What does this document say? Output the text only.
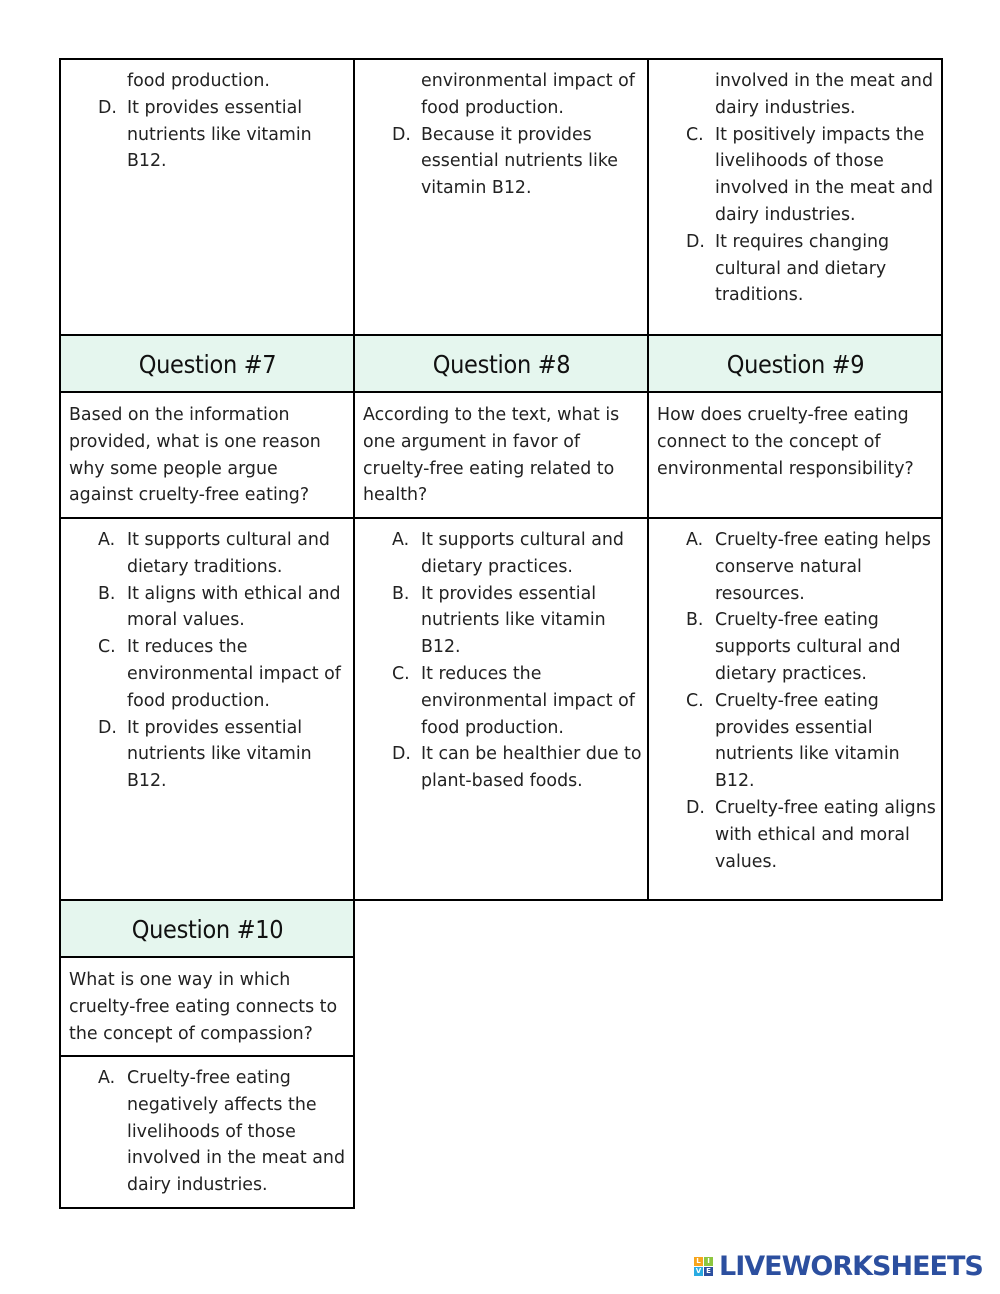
food production.
D. It provides essential nutrients like vitamin B12.
environmental impact of food production.
D. Because it provides essential nutrients like vitamin B12.
involved in the meat and dairy industries.
C. It positively impacts the livelihoods of those involved in the meat and dairy industries.
D. It requires changing cultural and dietary traditions.
Question #7	Question #8	Question #9
Based on the information provided, what is one reason why some people argue against cruelty-free eating?
According to the text, what is one argument in favor of cruelty-free eating related to health?
How does cruelty-free eating connect to the concept of environmental responsibility?
A. It supports cultural and dietary traditions.
B. It aligns with ethical and moral values.
C. It reduces the environmental impact of food production.
D. It provides essential nutrients like vitamin B12.
A. It supports cultural and dietary practices.
B. It provides essential nutrients like vitamin B12.
C. It reduces the environmental impact of food production.
D. It can be healthier due to plant-based foods.
A. Cruelty-free eating helps conserve natural resources.
B. Cruelty-free eating supports cultural and dietary practices.
C. Cruelty-free eating provides essential nutrients like vitamin B12.
D. Cruelty-free eating aligns with ethical and moral values.
Question #10
What is one way in which cruelty-free eating connects to the concept of compassion?
A. Cruelty-free eating negatively affects the livelihoods of those involved in the meat and dairy industries.
L I
V E LIVEWORKSHEETS
